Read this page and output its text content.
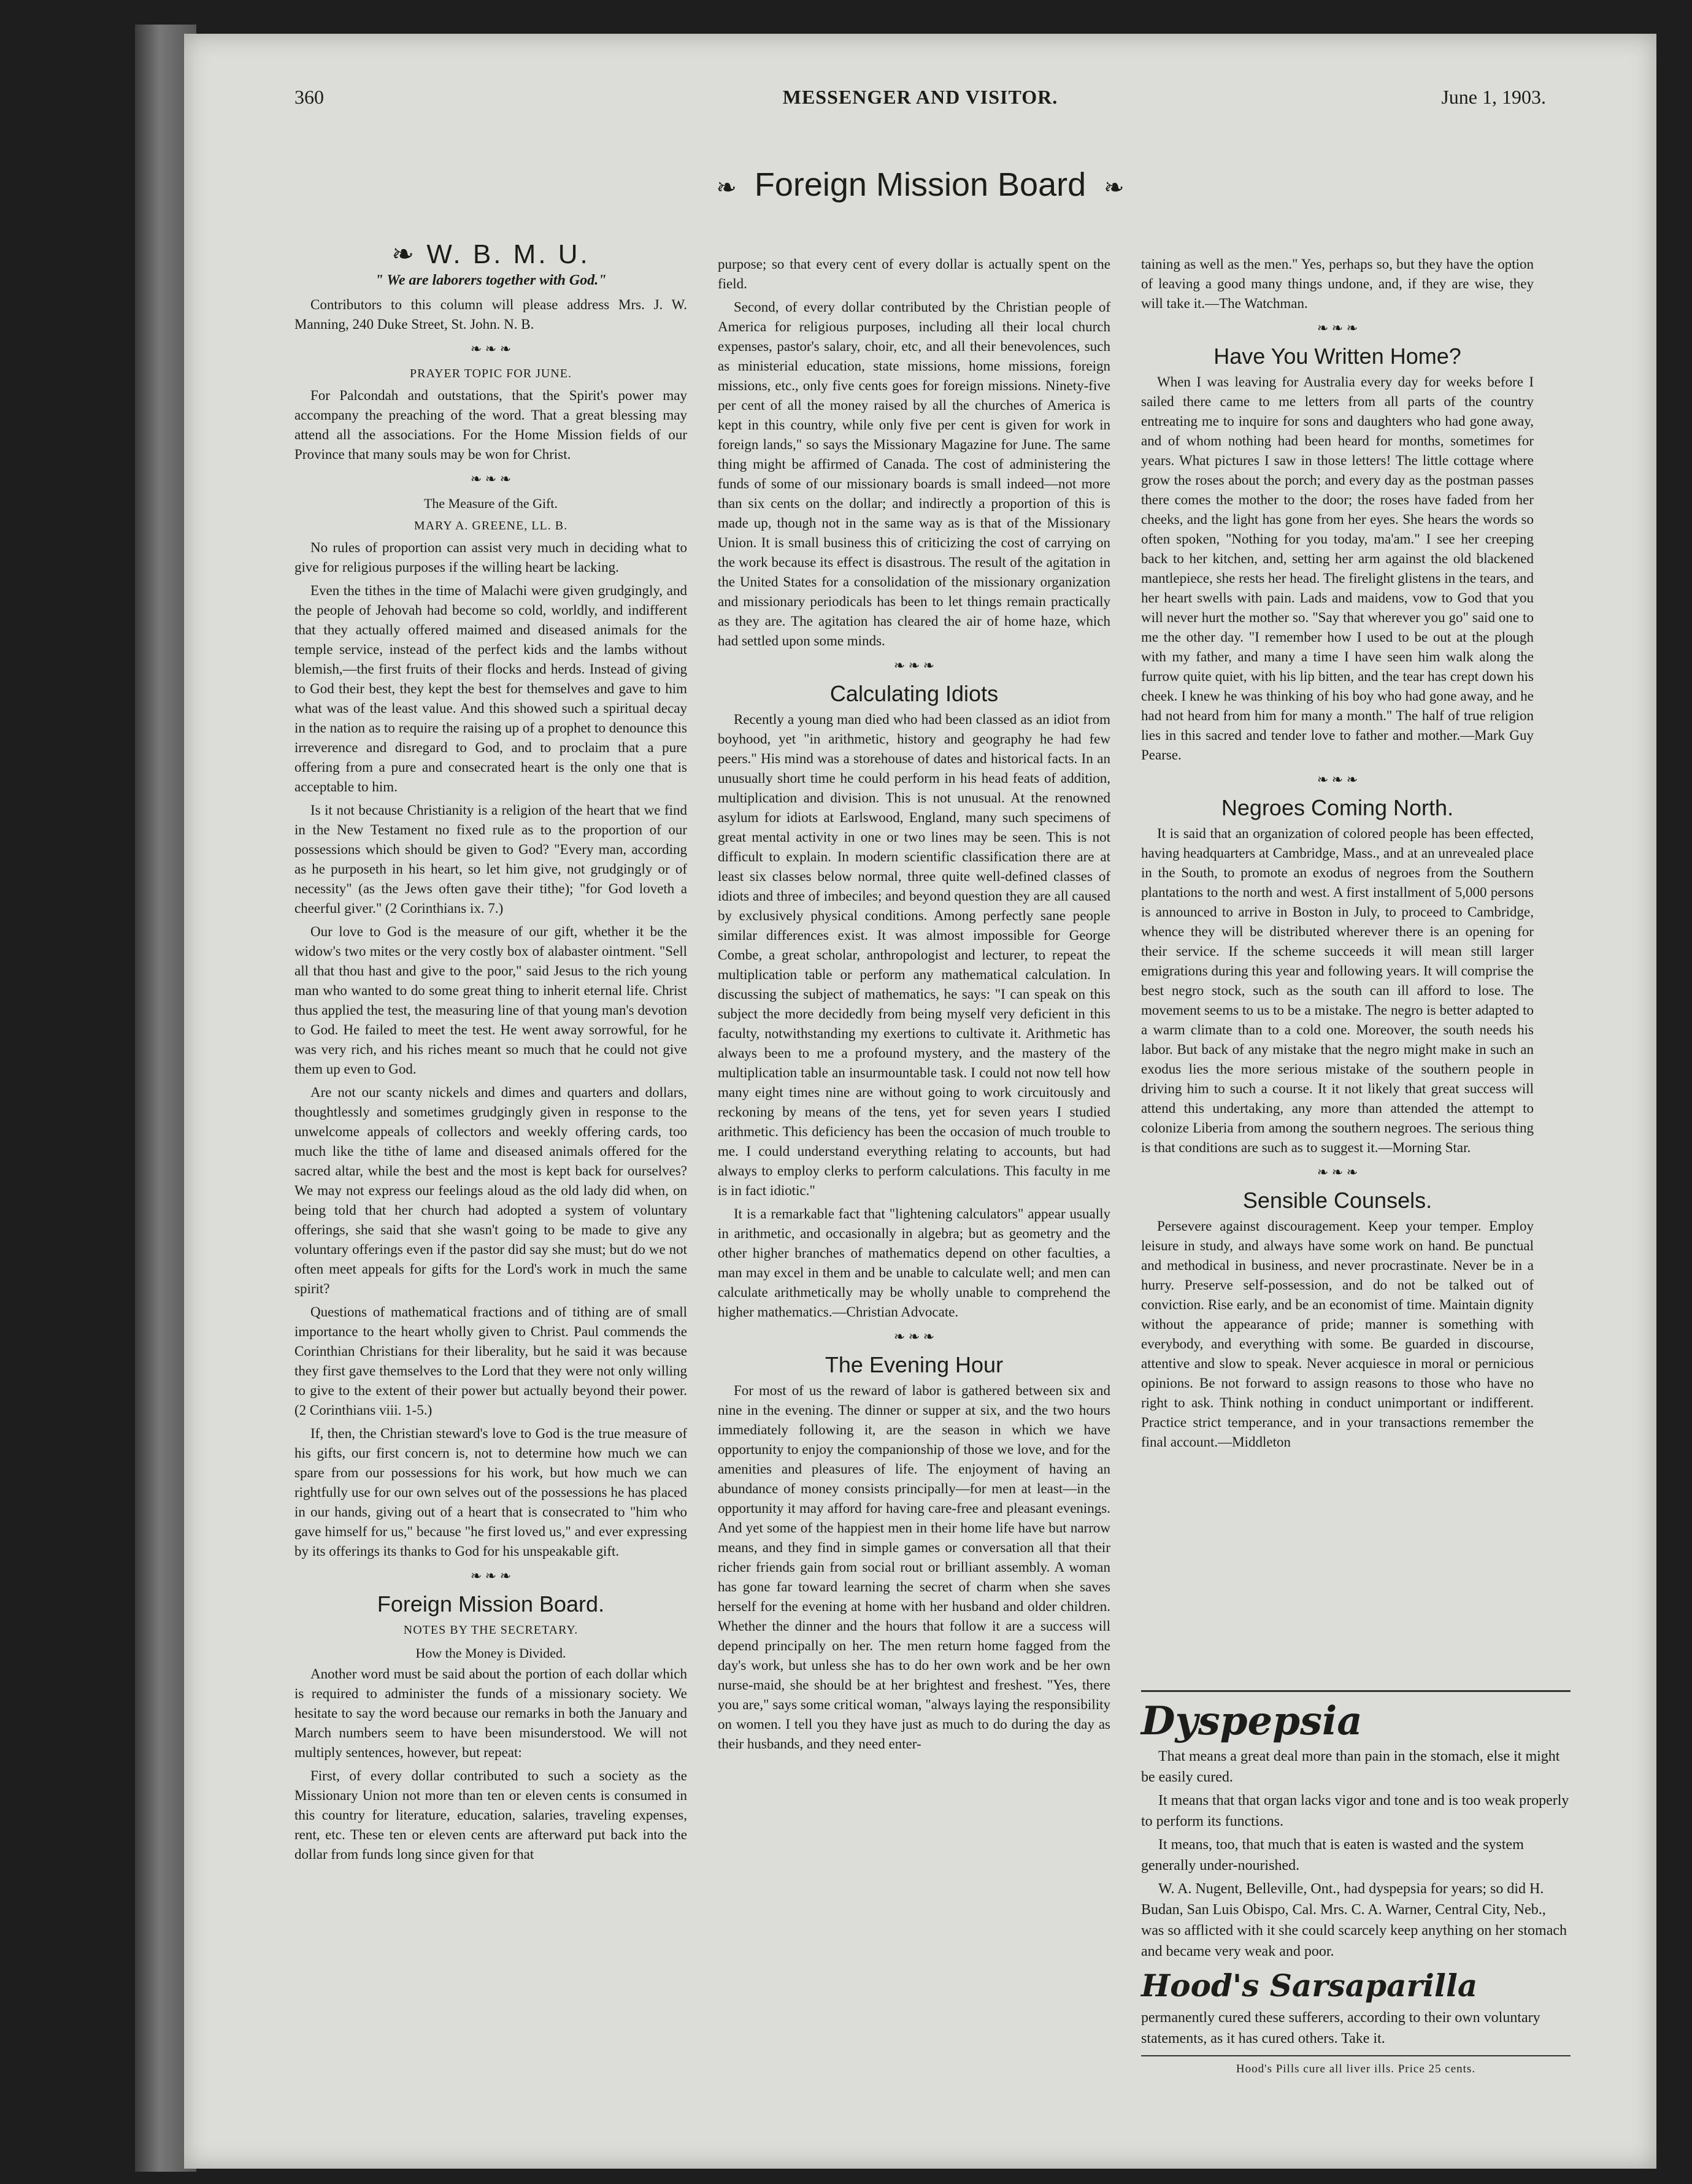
360	MESSENGER AND VISITOR.	June 1, 1903.
❧ Foreign Mission Board ❧
❧ W. B. M. U.
" We are laborers together with God."

Contributors to this column will please address Mrs. J. W. Manning, 240 Duke Street, St. John. N. B.

❧ ❧ ❧
PRAYER TOPIC FOR JUNE.

For Palcondah and outstations, that the Spirit's power may accompany the preaching of the word. That a great blessing may attend all the associations. For the Home Mission fields of our Province that many souls may be won for Christ.

❧ ❧ ❧
The Measure of the Gift.
MARY A. GREENE, LL. B.

No rules of proportion can assist very much in deciding what to give for religious purposes if the willing heart be lacking.

Even the tithes in the time of Malachi were given grudgingly, and the people of Jehovah had become so cold, worldly, and indifferent that they actually offered maimed and diseased animals for the temple service, instead of the perfect kids and the lambs without blemish,—the first fruits of their flocks and herds. Instead of giving to God their best, they kept the best for themselves and gave to him what was of the least value. And this showed such a spiritual decay in the nation as to require the raising up of a prophet to denounce this irreverence and disregard to God, and to proclaim that a pure offering from a pure and consecrated heart is the only one that is acceptable to him.

Is it not because Christianity is a religion of the heart that we find in the New Testament no fixed rule as to the proportion of our possessions which should be given to God? "Every man, according as he purposeth in his heart, so let him give, not grudgingly or of necessity" (as the Jews often gave their tithe); "for God loveth a cheerful giver." (2 Corinthians ix. 7.)

Our love to God is the measure of our gift, whether it be the widow's two mites or the very costly box of alabaster ointment. "Sell all that thou hast and give to the poor," said Jesus to the rich young man who wanted to do some great thing to inherit eternal life. Christ thus applied the test, the measuring line of that young man's devotion to God. He failed to meet the test. He went away sorrowful, for he was very rich, and his riches meant so much that he could not give them up even to God.

Are not our scanty nickels and dimes and quarters and dollars, thoughtlessly and sometimes grudgingly given in response to the unwelcome appeals of collectors and weekly offering cards, too much like the tithe of lame and diseased animals offered for the sacred altar, while the best and the most is kept back for ourselves? We may not express our feelings aloud as the old lady did when, on being told that her church had adopted a system of voluntary offerings, she said that she wasn't going to be made to give any voluntary offerings even if the pastor did say she must; but do we not often meet appeals for gifts for the Lord's work in much the same spirit?

Questions of mathematical fractions and of tithing are of small importance to the heart wholly given to Christ. Paul commends the Corinthian Christians for their liberality, but he said it was because they first gave themselves to the Lord that they were not only willing to give to the extent of their power but actually beyond their power. (2 Corinthians viii. 1-5.)

If, then, the Christian steward's love to God is the true measure of his gifts, our first concern is, not to determine how much we can spare from our possessions for his work, but how much we can rightfully use for our own selves out of the possessions he has placed in our hands, giving out of a heart that is consecrated to "him who gave himself for us," because "he first loved us," and ever expressing by its offerings its thanks to God for his unspeakable gift.

❧ ❧ ❧
Foreign Mission Board.
NOTES BY THE SECRETARY.
How the Money is Divided.

Another word must be said about the portion of each dollar which is required to administer the funds of a missionary society. We hesitate to say the word because our remarks in both the January and March numbers seem to have been misunderstood. We will not multiply sentences, however, but repeat:

First, of every dollar contributed to such a society as the Missionary Union not more than ten or eleven cents is consumed in this country for literature, education, salaries, traveling expenses, rent, etc. These ten or eleven cents are afterward put back into the dollar from funds long since given for that

purpose; so that every cent of every dollar is actually spent on the field.

Second, of every dollar contributed by the Christian people of America for religious purposes, including all their local church expenses, pastor's salary, choir, etc, and all their benevolences, such as ministerial education, state missions, home missions, foreign missions, etc., only five cents goes for foreign missions. Ninety-five per cent of all the money raised by all the churches of America is kept in this country, while only five per cent is given for work in foreign lands," so says the Missionary Magazine for June. The same thing might be affirmed of Canada. The cost of administering the funds of some of our missionary boards is small indeed—not more than six cents on the dollar; and indirectly a proportion of this is made up, though not in the same way as is that of the Missionary Union. It is small business this of criticizing the cost of carrying on the work because its effect is disastrous. The result of the agitation in the United States for a consolidation of the missionary organization and missionary periodicals has been to let things remain practically as they are. The agitation has cleared the air of home haze, which had settled upon some minds.

❧ ❧ ❧
Calculating Idiots

Recently a young man died who had been classed as an idiot from boyhood, yet "in arithmetic, history and geography he had few peers." His mind was a storehouse of dates and historical facts. In an unusually short time he could perform in his head feats of addition, multiplication and division. This is not unusual. At the renowned asylum for idiots at Earlswood, England, many such specimens of great mental activity in one or two lines may be seen. This is not difficult to explain. In modern scientific classification there are at least six classes below normal, three quite well-defined classes of idiots and three of imbeciles; and beyond question they are all caused by exclusively physical conditions. Among perfectly sane people similar differences exist. It was almost impossible for George Combe, a great scholar, anthropologist and lecturer, to repeat the multiplication table or perform any mathematical calculation. In discussing the subject of mathematics, he says: "I can speak on this subject the more decidedly from being myself very deficient in this faculty, notwithstanding my exertions to cultivate it. Arithmetic has always been to me a profound mystery, and the mastery of the multiplication table an insurmountable task. I could not now tell how many eight times nine are without going to work circuitously and reckoning by means of the tens, yet for seven years I studied arithmetic. This deficiency has been the occasion of much trouble to me. I could understand everything relating to accounts, but had always to employ clerks to perform calculations. This faculty in me is in fact idiotic."

It is a remarkable fact that "lightening calculators" appear usually in arithmetic, and occasionally in algebra; but as geometry and the other higher branches of mathematics depend on other faculties, a man may excel in them and be unable to calculate well; and men can calculate arithmetically may be wholly unable to comprehend the higher mathematics.—Christian Advocate.

❧ ❧ ❧
The Evening Hour

For most of us the reward of labor is gathered between six and nine in the evening. The dinner or supper at six, and the two hours immediately following it, are the season in which we have opportunity to enjoy the companionship of those we love, and for the amenities and pleasures of life. The enjoyment of having an abundance of money consists principally—for men at least—in the opportunity it may afford for having care-free and pleasant evenings. And yet some of the happiest men in their home life have but narrow means, and they find in simple games or conversation all that their richer friends gain from social rout or brilliant assembly. A woman has gone far toward learning the secret of charm when she saves herself for the evening at home with her husband and older children. Whether the dinner and the hours that follow it are a success will depend principally on her. The men return home fagged from the day's work, but unless she has to do her own work and be her own nurse-maid, she should be at her brightest and freshest. "Yes, there you are," says some critical woman, "always laying the responsibility on women. I tell you they have just as much to do during the day as their husbands, and they need enter-

taining as well as the men." Yes, perhaps so, but they have the option of leaving a good many things undone, and, if they are wise, they will take it.—The Watchman.

❧ ❧ ❧
Have You Written Home?

When I was leaving for Australia every day for weeks before I sailed there came to me letters from all parts of the country entreating me to inquire for sons and daughters who had gone away, and of whom nothing had been heard for months, sometimes for years. What pictures I saw in those letters! The little cottage where grow the roses about the porch; and every day as the postman passes there comes the mother to the door; the roses have faded from her cheeks, and the light has gone from her eyes. She hears the words so often spoken, "Nothing for you today, ma'am." I see her creeping back to her kitchen, and, setting her arm against the old blackened mantlepiece, she rests her head. The firelight glistens in the tears, and her heart swells with pain. Lads and maidens, vow to God that you will never hurt the mother so. "Say that wherever you go" said one to me the other day. "I remember how I used to be out at the plough with my father, and many a time I have seen him walk along the furrow quite quiet, with his lip bitten, and the tear has crept down his cheek. I knew he was thinking of his boy who had gone away, and he had not heard from him for many a month." The half of true religion lies in this sacred and tender love to father and mother.—Mark Guy Pearse.

❧ ❧ ❧
Negroes Coming North.

It is said that an organization of colored people has been effected, having headquarters at Cambridge, Mass., and at an unrevealed place in the South, to promote an exodus of negroes from the Southern plantations to the north and west. A first installment of 5,000 persons is announced to arrive in Boston in July, to proceed to Cambridge, whence they will be distributed wherever there is an opening for their service. If the scheme succeeds it will mean still larger emigrations during this year and following years. It will comprise the best negro stock, such as the south can ill afford to lose. The movement seems to us to be a mistake. The negro is better adapted to a warm climate than to a cold one. Moreover, the south needs his labor. But back of any mistake that the negro might make in such an exodus lies the more serious mistake of the southern people in driving him to such a course. It it not likely that great success will attend this undertaking, any more than attended the attempt to colonize Liberia from among the southern negroes. The serious thing is that conditions are such as to suggest it.—Morning Star.

❧ ❧ ❧
Sensible Counsels.

Persevere against discouragement. Keep your temper. Employ leisure in study, and always have some work on hand. Be punctual and methodical in business, and never procrastinate. Never be in a hurry. Preserve self-possession, and do not be talked out of conviction. Rise early, and be an economist of time. Maintain dignity without the appearance of pride; manner is something with everybody, and everything with some. Be guarded in discourse, attentive and slow to speak. Never acquiesce in moral or pernicious opinions. Be not forward to assign reasons to those who have no right to ask. Think nothing in conduct unimportant or indifferent. Practice strict temperance, and in your transactions remember the final account.—Middleton

Dyspepsia

That means a great deal more than pain in the stomach, else it might be easily cured.

It means that that organ lacks vigor and tone and is too weak properly to perform its functions.

It means, too, that much that is eaten is wasted and the system generally under-nourished.

W. A. Nugent, Belleville, Ont., had dyspepsia for years; so did H. Budan, San Luis Obispo, Cal. Mrs. C. A. Warner, Central City, Neb., was so afflicted with it she could scarcely keep anything on her stomach and became very weak and poor.

Hood's Sarsaparilla

permanently cured these sufferers, according to their own voluntary statements, as it has cured others. Take it.

Hood's Pills cure all liver ills. Price 25 cents.
